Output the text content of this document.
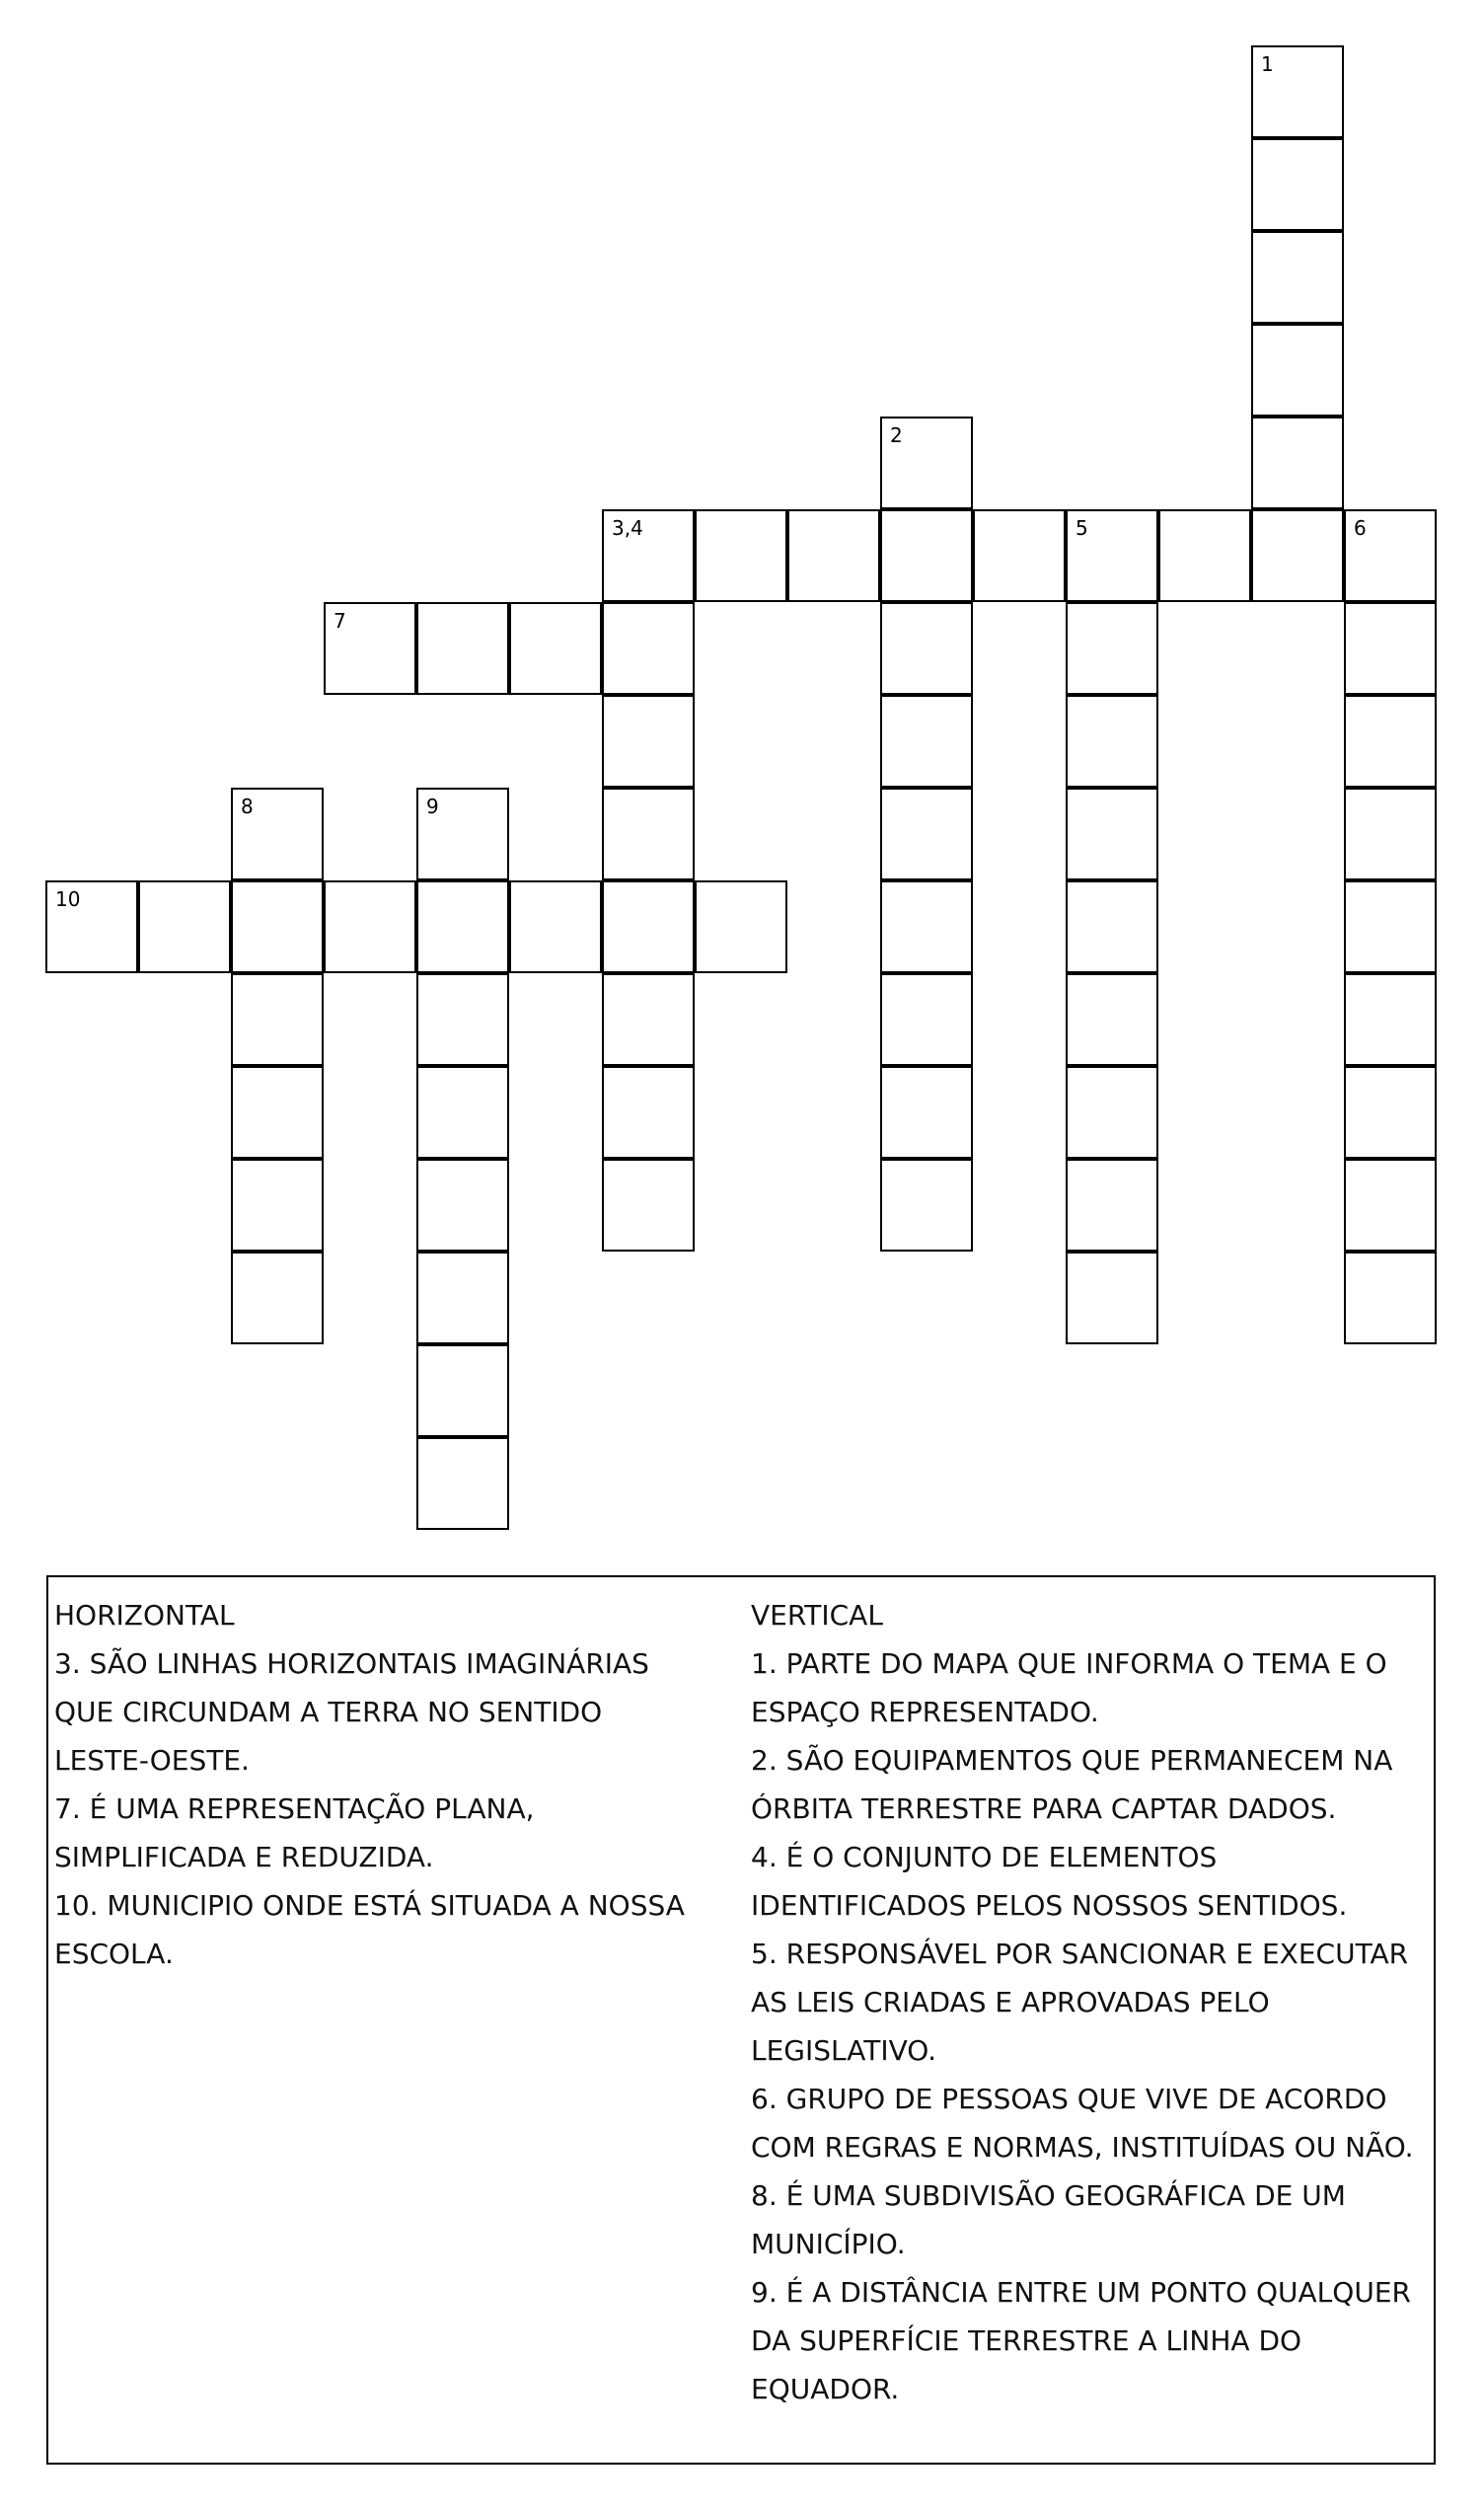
1
2
3,4	5	6
7
8	9
10
HORIZONTAL
3. SÃO LINHAS HORIZONTAIS IMAGINÁRIAS
QUE CIRCUNDAM A TERRA NO SENTIDO
LESTE-OESTE.
7. É UMA REPRESENTAÇÃO PLANA,
SIMPLIFICADA E REDUZIDA.
10. MUNICIPIO ONDE ESTÁ SITUADA A NOSSA
ESCOLA.
VERTICAL
1. PARTE DO MAPA QUE INFORMA O TEMA E O
ESPAÇO REPRESENTADO.
2. SÃO EQUIPAMENTOS QUE PERMANECEM NA
ÓRBITA TERRESTRE PARA CAPTAR DADOS.
4. É O CONJUNTO DE ELEMENTOS
IDENTIFICADOS PELOS NOSSOS SENTIDOS.
5. RESPONSÁVEL POR SANCIONAR E EXECUTAR
AS LEIS CRIADAS E APROVADAS PELO
LEGISLATIVO.
6. GRUPO DE PESSOAS QUE VIVE DE ACORDO
COM REGRAS E NORMAS, INSTITUÍDAS OU NÃO.
8. É UMA SUBDIVISÃO GEOGRÁFICA DE UM
MUNICÍPIO.
9. É A DISTÂNCIA ENTRE UM PONTO QUALQUER
DA SUPERFÍCIE TERRESTRE A LINHA DO
EQUADOR.
